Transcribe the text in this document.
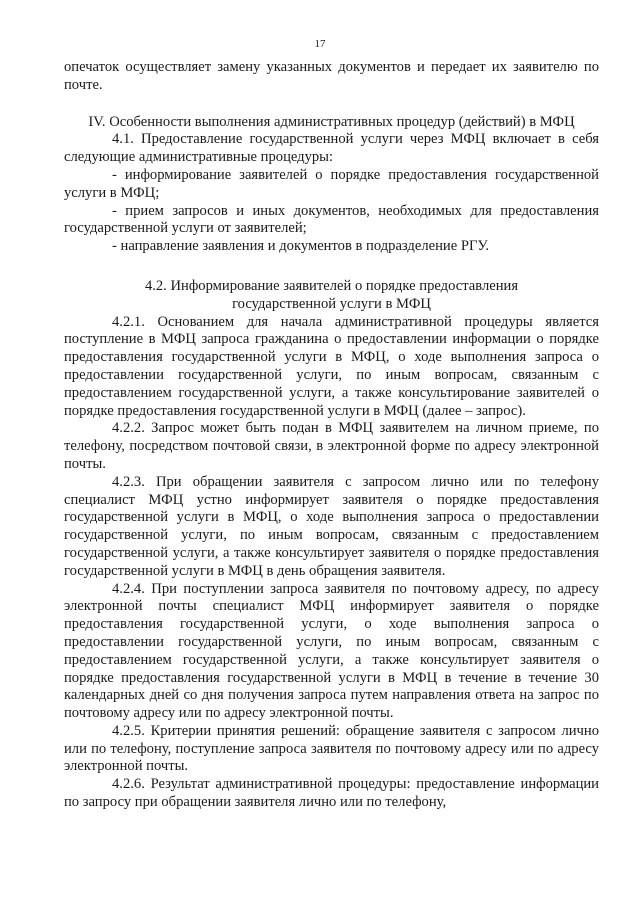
17

опечаток осуществляет замену указанных документов и передает их заявителю по почте.

IV. Особенности выполнения административных процедур (действий) в МФЦ

4.1. Предоставление государственной услуги через МФЦ включает в себя следующие административные процедуры:

- информирование заявителей о порядке предоставления государственной услуги в МФЦ;

- прием запросов и иных документов, необходимых для предоставления государственной услуги от заявителей;

- направление заявления и документов в подразделение РГУ.

4.2. Информирование заявителей о порядке предоставления государственной услуги в МФЦ

4.2.1. Основанием для начала административной процедуры является поступление в МФЦ запроса гражданина о предоставлении информации о порядке предоставления государственной услуги в МФЦ, о ходе выполнения запроса о предоставлении государственной услуги, по иным вопросам, связанным с предоставлением государственной услуги, а также консультирование заявителей о порядке предоставления государственной услуги в МФЦ (далее – запрос).

4.2.2. Запрос может быть подан в МФЦ заявителем на личном приеме, по телефону, посредством почтовой связи, в электронной форме по адресу электронной почты.

4.2.3. При обращении заявителя с запросом лично или по телефону специалист МФЦ устно информирует заявителя о порядке предоставления государственной услуги в МФЦ, о ходе выполнения запроса о предоставлении государственной услуги, по иным вопросам, связанным с предоставлением государственной услуги, а также консультирует заявителя о порядке предоставления государственной услуги в МФЦ в день обращения заявителя.

4.2.4. При поступлении запроса заявителя по почтовому адресу, по адресу электронной почты специалист МФЦ информирует заявителя о порядке предоставления государственной услуги, о ходе выполнения запроса о предоставлении государственной услуги, по иным вопросам, связанным с предоставлением государственной услуги, а также консультирует заявителя о порядке предоставления государственной услуги в МФЦ в течение в течение 30 календарных дней со дня получения запроса путем направления ответа на запрос по почтовому адресу или по адресу электронной почты.

4.2.5. Критерии принятия решений: обращение заявителя с запросом лично или по телефону, поступление запроса заявителя по почтовому адресу или по адресу электронной почты.

4.2.6. Результат административной процедуры: предоставление информации по запросу при обращении заявителя лично или по телефону,
